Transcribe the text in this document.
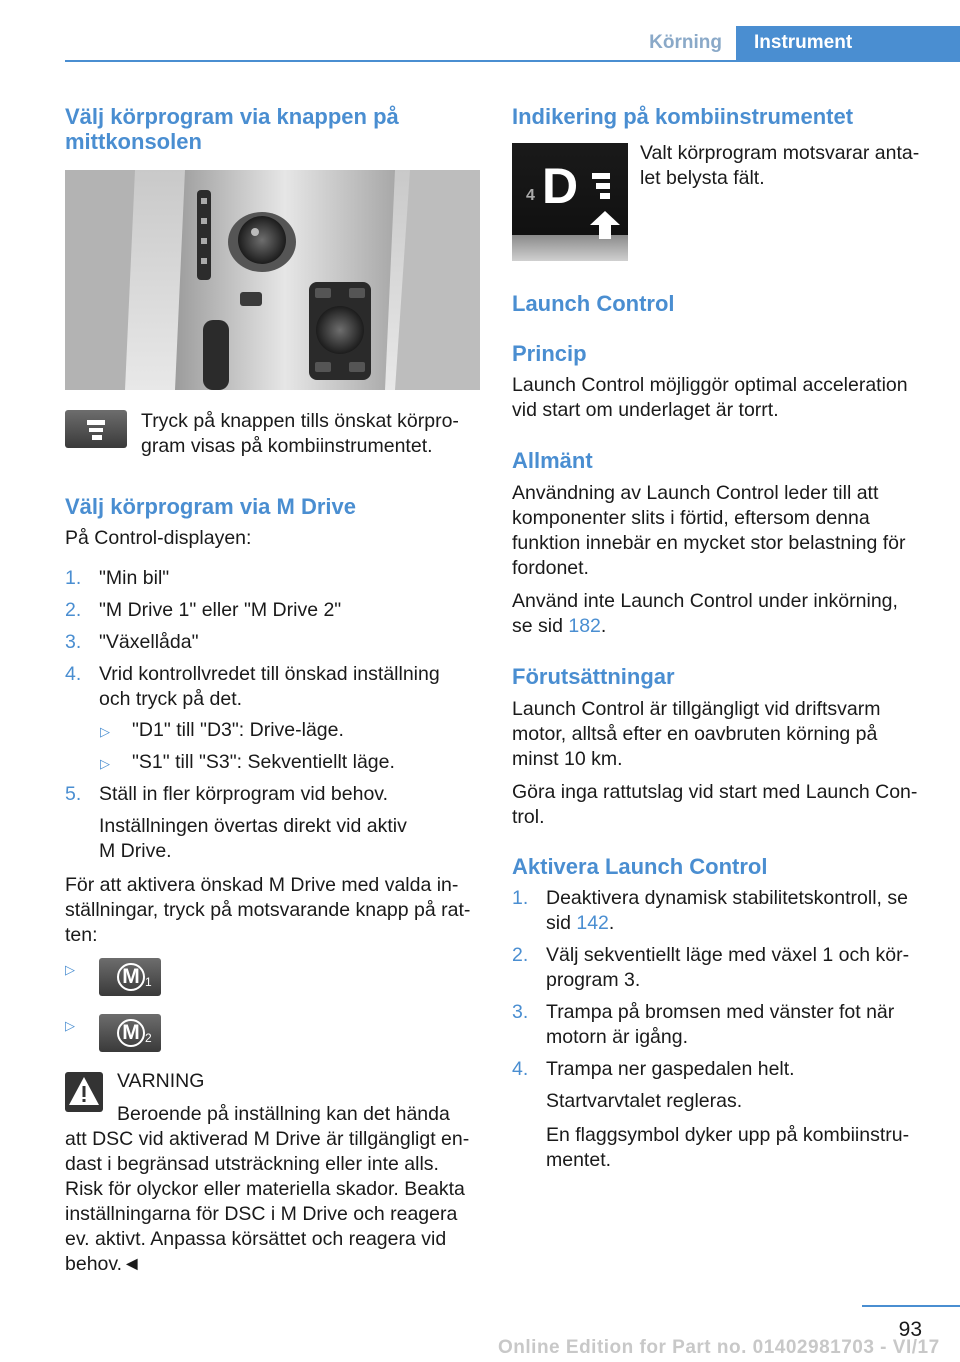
Körning	Instrument
Välj körprogram via knappen på mittkonsolen

Tryck på knappen tills önskat körpro-

gram visas på kombiinstrumentet.

Välj körprogram via M Drive

På Control-displayen:

1. "Min bil"
2. "M Drive 1" eller "M Drive 2"
3. "Växellåda"
4. Vrid kontrollvredet till önskad inställning
och tryck på det.
▷ "D1" till "D3": Drive-läge.

▷ "S1" till "S3": Sekventiellt läge.

5. Ställ in fler körprogram vid behov.

Inställningen övertas direkt vid aktiv

M Drive.

För att aktivera önskad M Drive med valda in-

ställningar, tryck på motsvarande knapp på rat-

ten:

▷ M 1
▷ M 2

VARNING

Beroende på inställning kan det hända
att DSC vid aktiverad M Drive är tillgängligt en-
dast i begränsad utsträckning eller inte alls.
Risk för olyckor eller materiella skador. Beakta
inställningarna för DSC i M Drive och reagera
ev. aktivt. Anpassa körsättet och reagera vid
behov.◄
Indikering på kombiinstrumentet
4 D

Valt körprogram motsvarar anta-

let belysta fält.

Launch Control
Princip

Launch Control möjliggör optimal acceleration

vid start om underlaget är torrt.

Allmänt
Användning av Launch Control leder till att
komponenter slits i förtid, eftersom denna
funktion innebär en mycket stor belastning för
fordonet.

Använd inte Launch Control under inkörning,

se sid 182.

Förutsättningar
Launch Control är tillgängligt vid driftsvarm
motor, alltså efter en oavbruten körning på
minst 10 km.

Göra inga rattutslag vid start med Launch Con-

trol.

Aktivera Launch Control
1. Deaktivera dynamisk stabilitetskontroll, se
sid 142.
2. Välj sekventiellt läge med växel 1 och kör-
program 3.
3. Trampa på bromsen med vänster fot när
motorn är igång.
4. Trampa ner gaspedalen helt.

Startvarvtalet regleras.

En flaggsymbol dyker upp på kombiinstru-

mentet.

93
Online Edition for Part no. 01402981703 - VI/17
